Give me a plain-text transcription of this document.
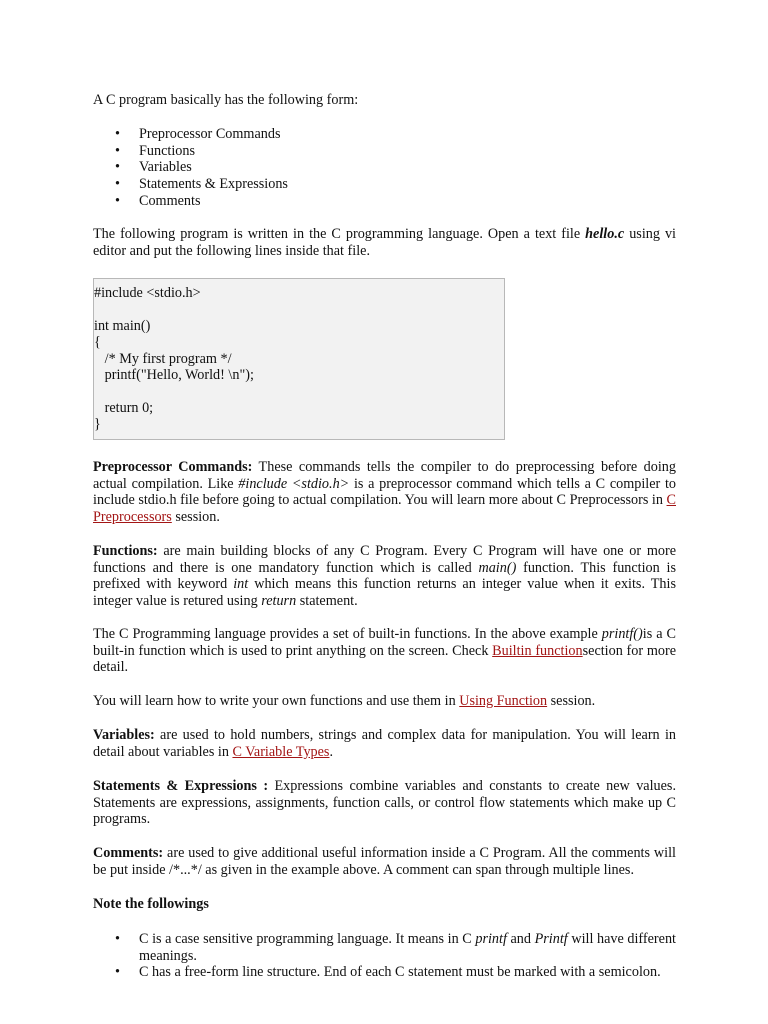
A C program basically has the following form:

• Preprocessor Commands
• Functions
• Variables
• Statements & Expressions
• Comments

The following program is written in the C programming language. Open a text file hello.c using vi editor and put the following lines inside that file.

#include <stdio.h>
int main()
{
/* My first program */
printf("Hello, World! \n");
return 0;
}

Preprocessor Commands: These commands tells the compiler to do preprocessing before doing actual compilation. Like #include <stdio.h> is a preprocessor command which tells a C compiler to include stdio.h file before going to actual compilation. You will learn more about C Preprocessors in C Preprocessors session.

Functions: are main building blocks of any C Program. Every C Program will have one or more functions and there is one mandatory function which is called main() function. This function is prefixed with keyword int which means this function returns an integer value when it exits. This integer value is retured using return statement.

The C Programming language provides a set of built-in functions. In the above example printf()is a C built-in function which is used to print anything on the screen. Check Builtin functionsection for more detail.

You will learn how to write your own functions and use them in Using Function session.

Variables: are used to hold numbers, strings and complex data for manipulation. You will learn in detail about variables in C Variable Types.

Statements & Expressions : Expressions combine variables and constants to create new values. Statements are expressions, assignments, function calls, or control flow statements which make up C programs.

Comments: are used to give additional useful information inside a C Program. All the comments will be put inside /*...*/ as given in the example above. A comment can span through multiple lines.

Note the followings

• C is a case sensitive programming language. It means in C printf and Printf will have different meanings.
• C has a free-form line structure. End of each C statement must be marked with a semicolon.
